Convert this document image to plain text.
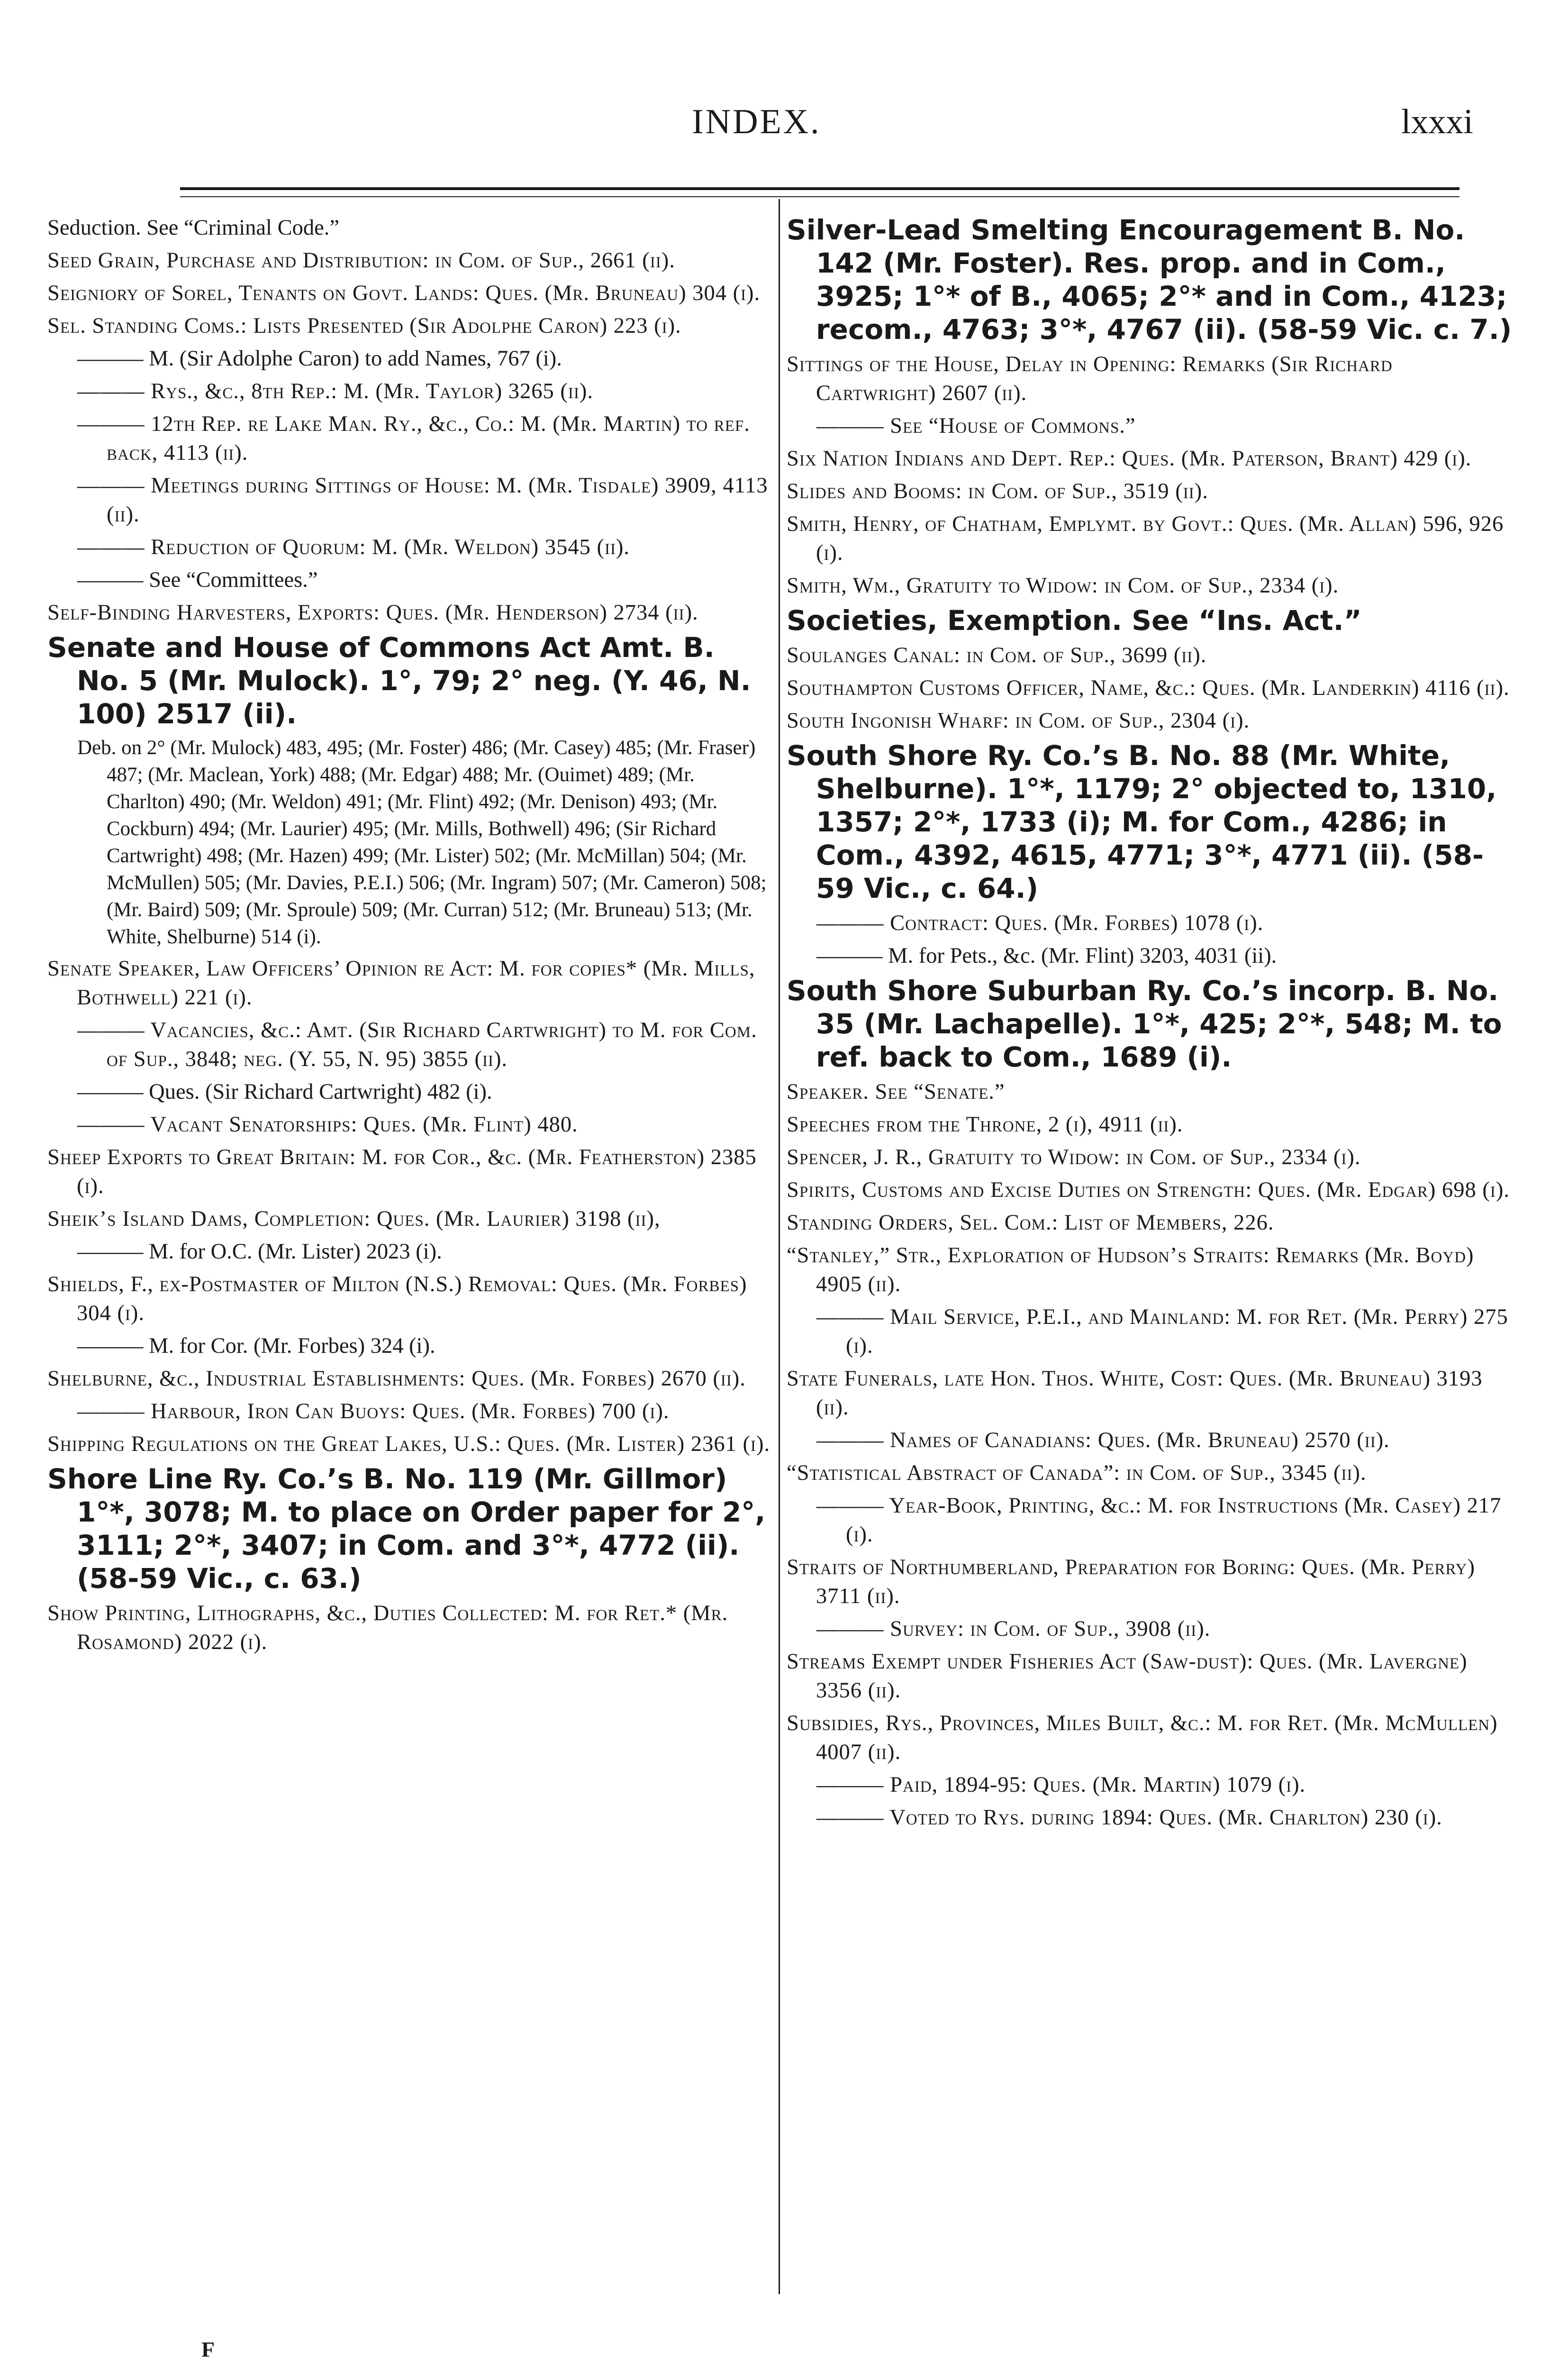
INDEX.	lxxxi
Seduction. See “Criminal Code.”
Seed Grain, Purchase and Distribution: in Com. of Sup., 2661 (ii).
Seigniory of Sorel, Tenants on Govt. Lands: Ques. (Mr. Bruneau) 304 (i).
Sel. Standing Coms.: Lists Presented (Sir Adolphe Caron) 223 (i).
——— M. (Sir Adolphe Caron) to add Names, 767 (i).
——— Rys., &c., 8th Rep.: M. (Mr. Taylor) 3265 (ii).
——— 12th Rep. re Lake Man. Ry., &c., Co.: M. (Mr. Martin) to ref. back, 4113 (ii).
——— Meetings during Sittings of House: M. (Mr. Tisdale) 3909, 4113 (ii).
——— Reduction of Quorum: M. (Mr. Weldon) 3545 (ii).
——— See “Committees.”
Self-Binding Harvesters, Exports: Ques. (Mr. Henderson) 2734 (ii).
Senate and House of Commons Act Amt. B. No. 5 (Mr. Mulock). 1°, 79; 2° neg. (Y. 46, N. 100) 2517 (ii).
Deb. on 2° (Mr. Mulock) 483, 495; (Mr. Foster) 486; (Mr. Casey) 485; (Mr. Fraser) 487; (Mr. Maclean, York) 488; (Mr. Edgar) 488; Mr. (Ouimet) 489; (Mr. Charlton) 490; (Mr. Weldon) 491; (Mr. Flint) 492; (Mr. Denison) 493; (Mr. Cockburn) 494; (Mr. Laurier) 495; (Mr. Mills, Bothwell) 496; (Sir Richard Cartwright) 498; (Mr. Hazen) 499; (Mr. Lister) 502; (Mr. McMillan) 504; (Mr. McMullen) 505; (Mr. Davies, P.E.I.) 506; (Mr. Ingram) 507; (Mr. Cameron) 508; (Mr. Baird) 509; (Mr. Sproule) 509; (Mr. Curran) 512; (Mr. Bruneau) 513; (Mr. White, Shelburne) 514 (i).
Senate Speaker, Law Officers’ Opinion re Act: M. for copies* (Mr. Mills, Bothwell) 221 (i).
——— Vacancies, &c.: Amt. (Sir Richard Cartwright) to M. for Com. of Sup., 3848; neg. (Y. 55, N. 95) 3855 (ii).
——— Ques. (Sir Richard Cartwright) 482 (i).
——— Vacant Senatorships: Ques. (Mr. Flint) 480.
Sheep Exports to Great Britain: M. for Cor., &c. (Mr. Featherston) 2385 (i).
Sheik’s Island Dams, Completion: Ques. (Mr. Laurier) 3198 (ii),
——— M. for O.C. (Mr. Lister) 2023 (i).
Shields, F., ex-Postmaster of Milton (N.S.) Removal: Ques. (Mr. Forbes) 304 (i).
——— M. for Cor. (Mr. Forbes) 324 (i).
Shelburne, &c., Industrial Establishments: Ques. (Mr. Forbes) 2670 (ii).
——— Harbour, Iron Can Buoys: Ques. (Mr. Forbes) 700 (i).
Shipping Regulations on the Great Lakes, U.S.: Ques. (Mr. Lister) 2361 (i).
Shore Line Ry. Co.’s B. No. 119 (Mr. Gillmor) 1°*, 3078; M. to place on Order paper for 2°, 3111; 2°*, 3407; in Com. and 3°*, 4772 (ii). (58-59 Vic., c. 63.)
Show Printing, Lithographs, &c., Duties Collected: M. for Ret.* (Mr. Rosamond) 2022 (i).
Silver-Lead Smelting Encouragement B. No. 142 (Mr. Foster). Res. prop. and in Com., 3925; 1°* of B., 4065; 2°* and in Com., 4123; recom., 4763; 3°*, 4767 (ii). (58-59 Vic. c. 7.)
Sittings of the House, Delay in Opening: Remarks (Sir Richard Cartwright) 2607 (ii).
——— See “House of Commons.”
Six Nation Indians and Dept. Rep.: Ques. (Mr. Paterson, Brant) 429 (i).
Slides and Booms: in Com. of Sup., 3519 (ii).
Smith, Henry, of Chatham, Emplymt. by Govt.: Ques. (Mr. Allan) 596, 926 (i).
Smith, Wm., Gratuity to Widow: in Com. of Sup., 2334 (i).
Societies, Exemption. See “Ins. Act.”
Soulanges Canal: in Com. of Sup., 3699 (ii).
Southampton Customs Officer, Name, &c.: Ques. (Mr. Landerkin) 4116 (ii).
South Ingonish Wharf: in Com. of Sup., 2304 (i).
South Shore Ry. Co.’s B. No. 88 (Mr. White, Shelburne). 1°*, 1179; 2° objected to, 1310, 1357; 2°*, 1733 (i); M. for Com., 4286; in Com., 4392, 4615, 4771; 3°*, 4771 (ii). (58-59 Vic., c. 64.)
——— Contract: Ques. (Mr. Forbes) 1078 (i).
——— M. for Pets., &c. (Mr. Flint) 3203, 4031 (ii).
South Shore Suburban Ry. Co.’s incorp. B. No. 35 (Mr. Lachapelle). 1°*, 425; 2°*, 548; M. to ref. back to Com., 1689 (i).
Speaker. See “Senate.”
Speeches from the Throne, 2 (i), 4911 (ii).
Spencer, J. R., Gratuity to Widow: in Com. of Sup., 2334 (i).
Spirits, Customs and Excise Duties on Strength: Ques. (Mr. Edgar) 698 (i).
Standing Orders, Sel. Com.: List of Members, 226.
“Stanley,” Str., Exploration of Hudson’s Straits: Remarks (Mr. Boyd) 4905 (ii).
——— Mail Service, P.E.I., and Mainland: M. for Ret. (Mr. Perry) 275 (i).
State Funerals, late Hon. Thos. White, Cost: Ques. (Mr. Bruneau) 3193 (ii).
——— Names of Canadians: Ques. (Mr. Bruneau) 2570 (ii).
“Statistical Abstract of Canada”: in Com. of Sup., 3345 (ii).
——— Year-Book, Printing, &c.: M. for Instructions (Mr. Casey) 217 (i).
Straits of Northumberland, Preparation for Boring: Ques. (Mr. Perry) 3711 (ii).
——— Survey: in Com. of Sup., 3908 (ii).
Streams Exempt under Fisheries Act (Saw-dust): Ques. (Mr. Lavergne) 3356 (ii).
Subsidies, Rys., Provinces, Miles Built, &c.: M. for Ret. (Mr. McMullen) 4007 (ii).
——— Paid, 1894-95: Ques. (Mr. Martin) 1079 (i).
——— Voted to Rys. during 1894: Ques. (Mr. Charlton) 230 (i).
F
